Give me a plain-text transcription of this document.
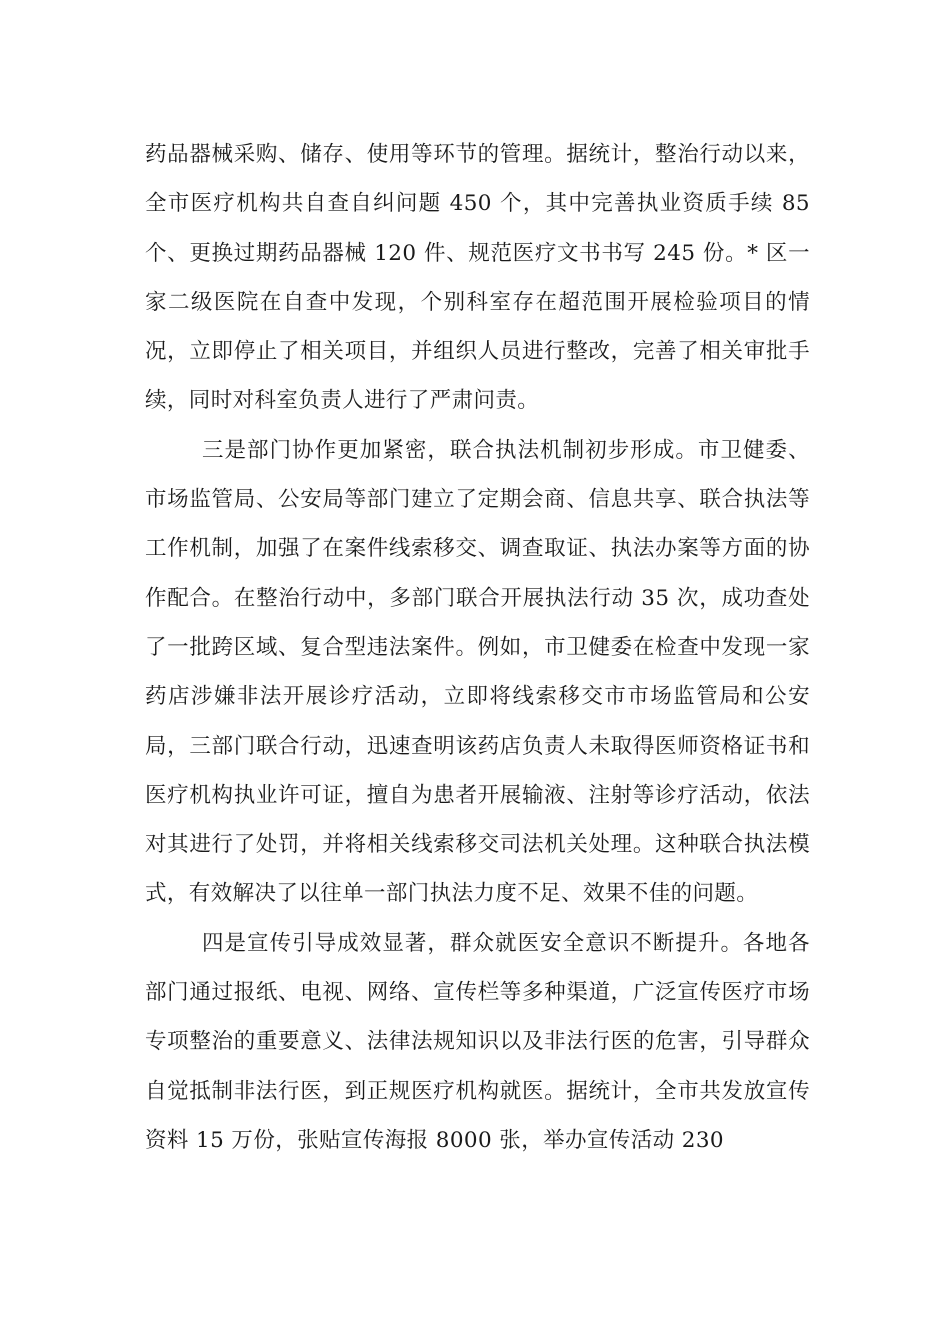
药品器械采购、储存、使用等环节的管理。据统计，整治行动以来，全市医疗机构共自查自纠问题 450 个，其中完善执业资质手续 85 个、更换过期药品器械 120 件、规范医疗文书书写 245 份。* 区一家二级医院在自查中发现，个别科室存在超范围开展检验项目的情况，立即停止了相关项目，并组织人员进行整改，完善了相关审批手续，同时对科室负责人进行了严肃问责。

三是部门协作更加紧密，联合执法机制初步形成。市卫健委、市场监管局、公安局等部门建立了定期会商、信息共享、联合执法等工作机制，加强了在案件线索移交、调查取证、执法办案等方面的协作配合。在整治行动中，多部门联合开展执法行动 35 次，成功查处了一批跨区域、复合型违法案件。例如，市卫健委在检查中发现一家药店涉嫌非法开展诊疗活动，立即将线索移交市市场监管局和公安局，三部门联合行动，迅速查明该药店负责人未取得医师资格证书和医疗机构执业许可证，擅自为患者开展输液、注射等诊疗活动，依法对其进行了处罚，并将相关线索移交司法机关处理。这种联合执法模式，有效解决了以往单一部门执法力度不足、效果不佳的问题。

四是宣传引导成效显著，群众就医安全意识不断提升。各地各部门通过报纸、电视、网络、宣传栏等多种渠道，广泛宣传医疗市场专项整治的重要意义、法律法规知识以及非法行医的危害，引导群众自觉抵制非法行医，到正规医疗机构就医。据统计，全市共发放宣传资料 15 万份，张贴宣传海报 8000 张，举办宣传活动 230
